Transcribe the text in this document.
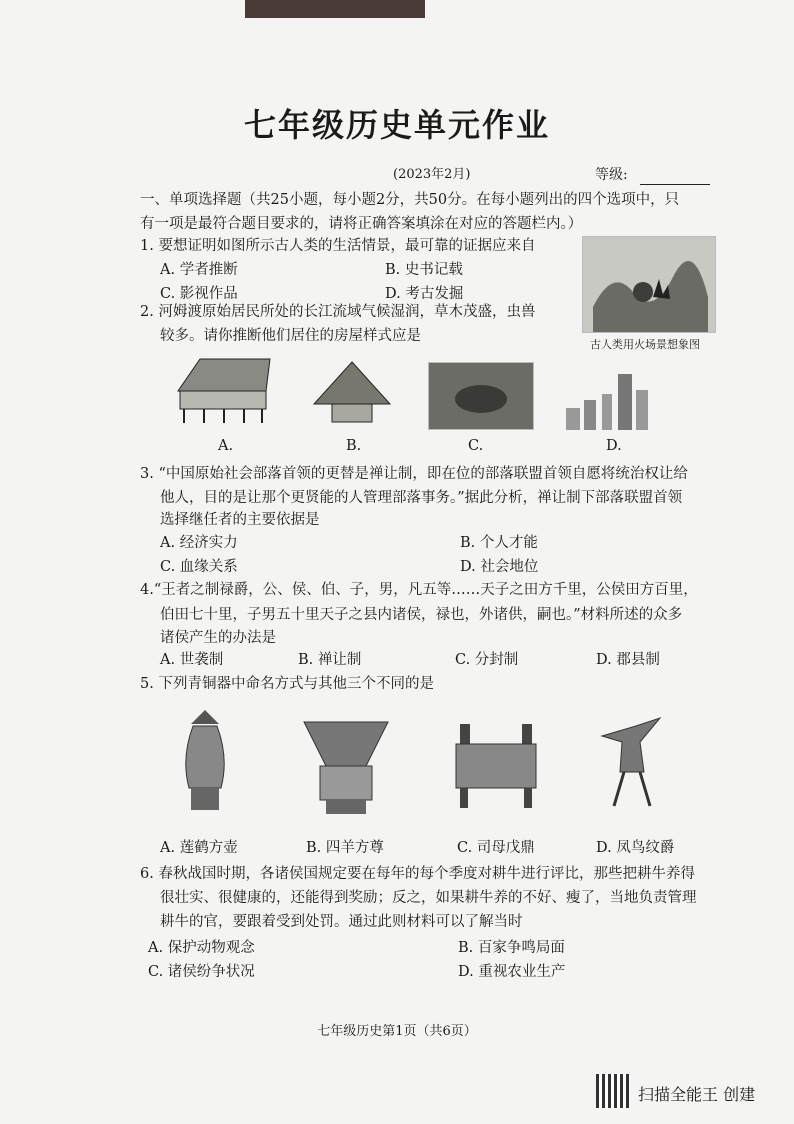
七年级历史单元作业
(2023年2月)	等级:
一、单项选择题（共25小题，每小题2分，共50分。在每小题列出的四个选项中，只
有一项是最符合题目要求的，请将正确答案填涂在对应的答题栏内。）
1. 要想证明如图所示古人类的生活情景，最可靠的证据应来自
A. 学者推断	B. 史书记载
C. 影视作品	D. 考古发掘
古人类用火场景想象图
2. 河姆渡原始居民所处的长江流域气候湿润，草木茂盛，虫兽
较多。请你推断他们居住的房屋样式应是
A.	B.	C.	D.
3. “中国原始社会部落首领的更替是禅让制，即在位的部落联盟首领自愿将统治权让给
他人，目的是让那个更贤能的人管理部落事务。”据此分析，禅让制下部落联盟首领
选择继任者的主要依据是
A. 经济实力	B. 个人才能
C. 血缘关系	D. 社会地位
4.“王者之制禄爵，公、侯、伯、子，男，凡五等……天子之田方千里，公侯田方百里，
伯田七十里，子男五十里天子之县内诸侯，禄也，外诸供，嗣也。”材料所述的众多
诸侯产生的办法是
A. 世袭制	B. 禅让制	C. 分封制	D. 郡县制
5. 下列青铜器中命名方式与其他三个不同的是
A. 莲鹤方壶	B. 四羊方尊	C. 司母戊鼎	D. 凤鸟纹爵
6. 春秋战国时期，各诸侯国规定要在每年的每个季度对耕牛进行评比，那些把耕牛养得
很壮实、很健康的，还能得到奖励；反之，如果耕牛养的不好、瘦了，当地负责管理
耕牛的官，要跟着受到处罚。通过此则材料可以了解当时
A. 保护动物观念	B. 百家争鸣局面
C. 诸侯纷争状况	D. 重视农业生产
七年级历史第1页（共6页）
扫描全能王 创建
